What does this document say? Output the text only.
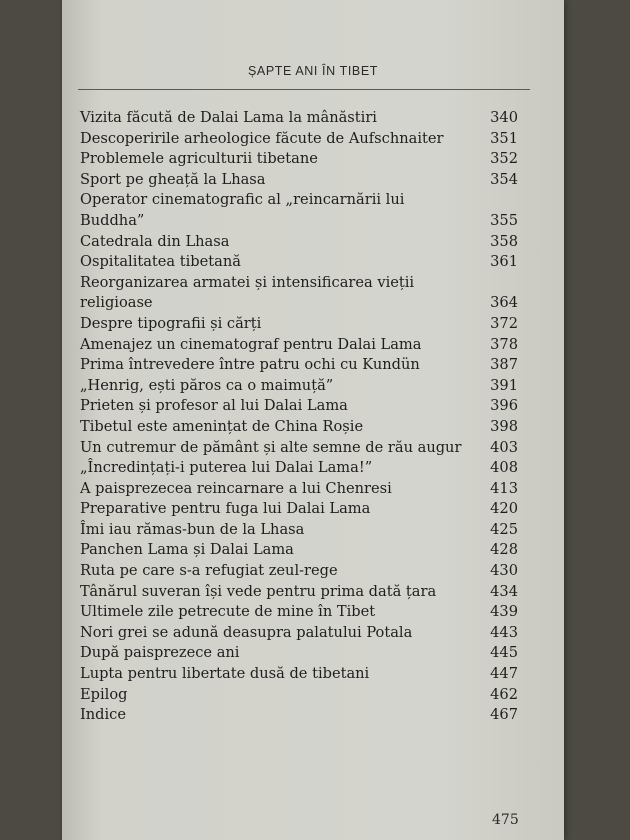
ȘAPTE ANI ÎN TIBET
Vizita făcută de Dalai Lama la mânăstiri	340
Descoperirile arheologice făcute de Aufschnaiter	351
Problemele agriculturii tibetane	352
Sport pe gheață la Lhasa	354
Operator cinematografic al „reincarnării lui Buddha”	355
Catedrala din Lhasa	358
Ospitalitatea tibetană	361
Reorganizarea armatei și intensificarea vieții religioase	364
Despre tipografii și cărți	372
Amenajez un cinematograf pentru Dalai Lama	378
Prima întrevedere între patru ochi cu Kundün	387
„Henrig, ești păros ca o maimuță”	391
Prieten și profesor al lui Dalai Lama	396
Tibetul este amenințat de China Roșie	398
Un cutremur de pământ și alte semne de rău augur	403
„Încredințați-i puterea lui Dalai Lama!”	408
A paisprezecea reincarnare a lui Chenresi	413
Preparative pentru fuga lui Dalai Lama	420
Îmi iau rămas-bun de la Lhasa	425
Panchen Lama și Dalai Lama	428
Ruta pe care s-a refugiat zeul-rege	430
Tânărul suveran își vede pentru prima dată țara	434
Ultimele zile petrecute de mine în Tibet	439
Nori grei se adună deasupra palatului Potala	443
După paisprezece ani	445
Lupta pentru libertate dusă de tibetani	447
Epilog	462
Indice	467
475
